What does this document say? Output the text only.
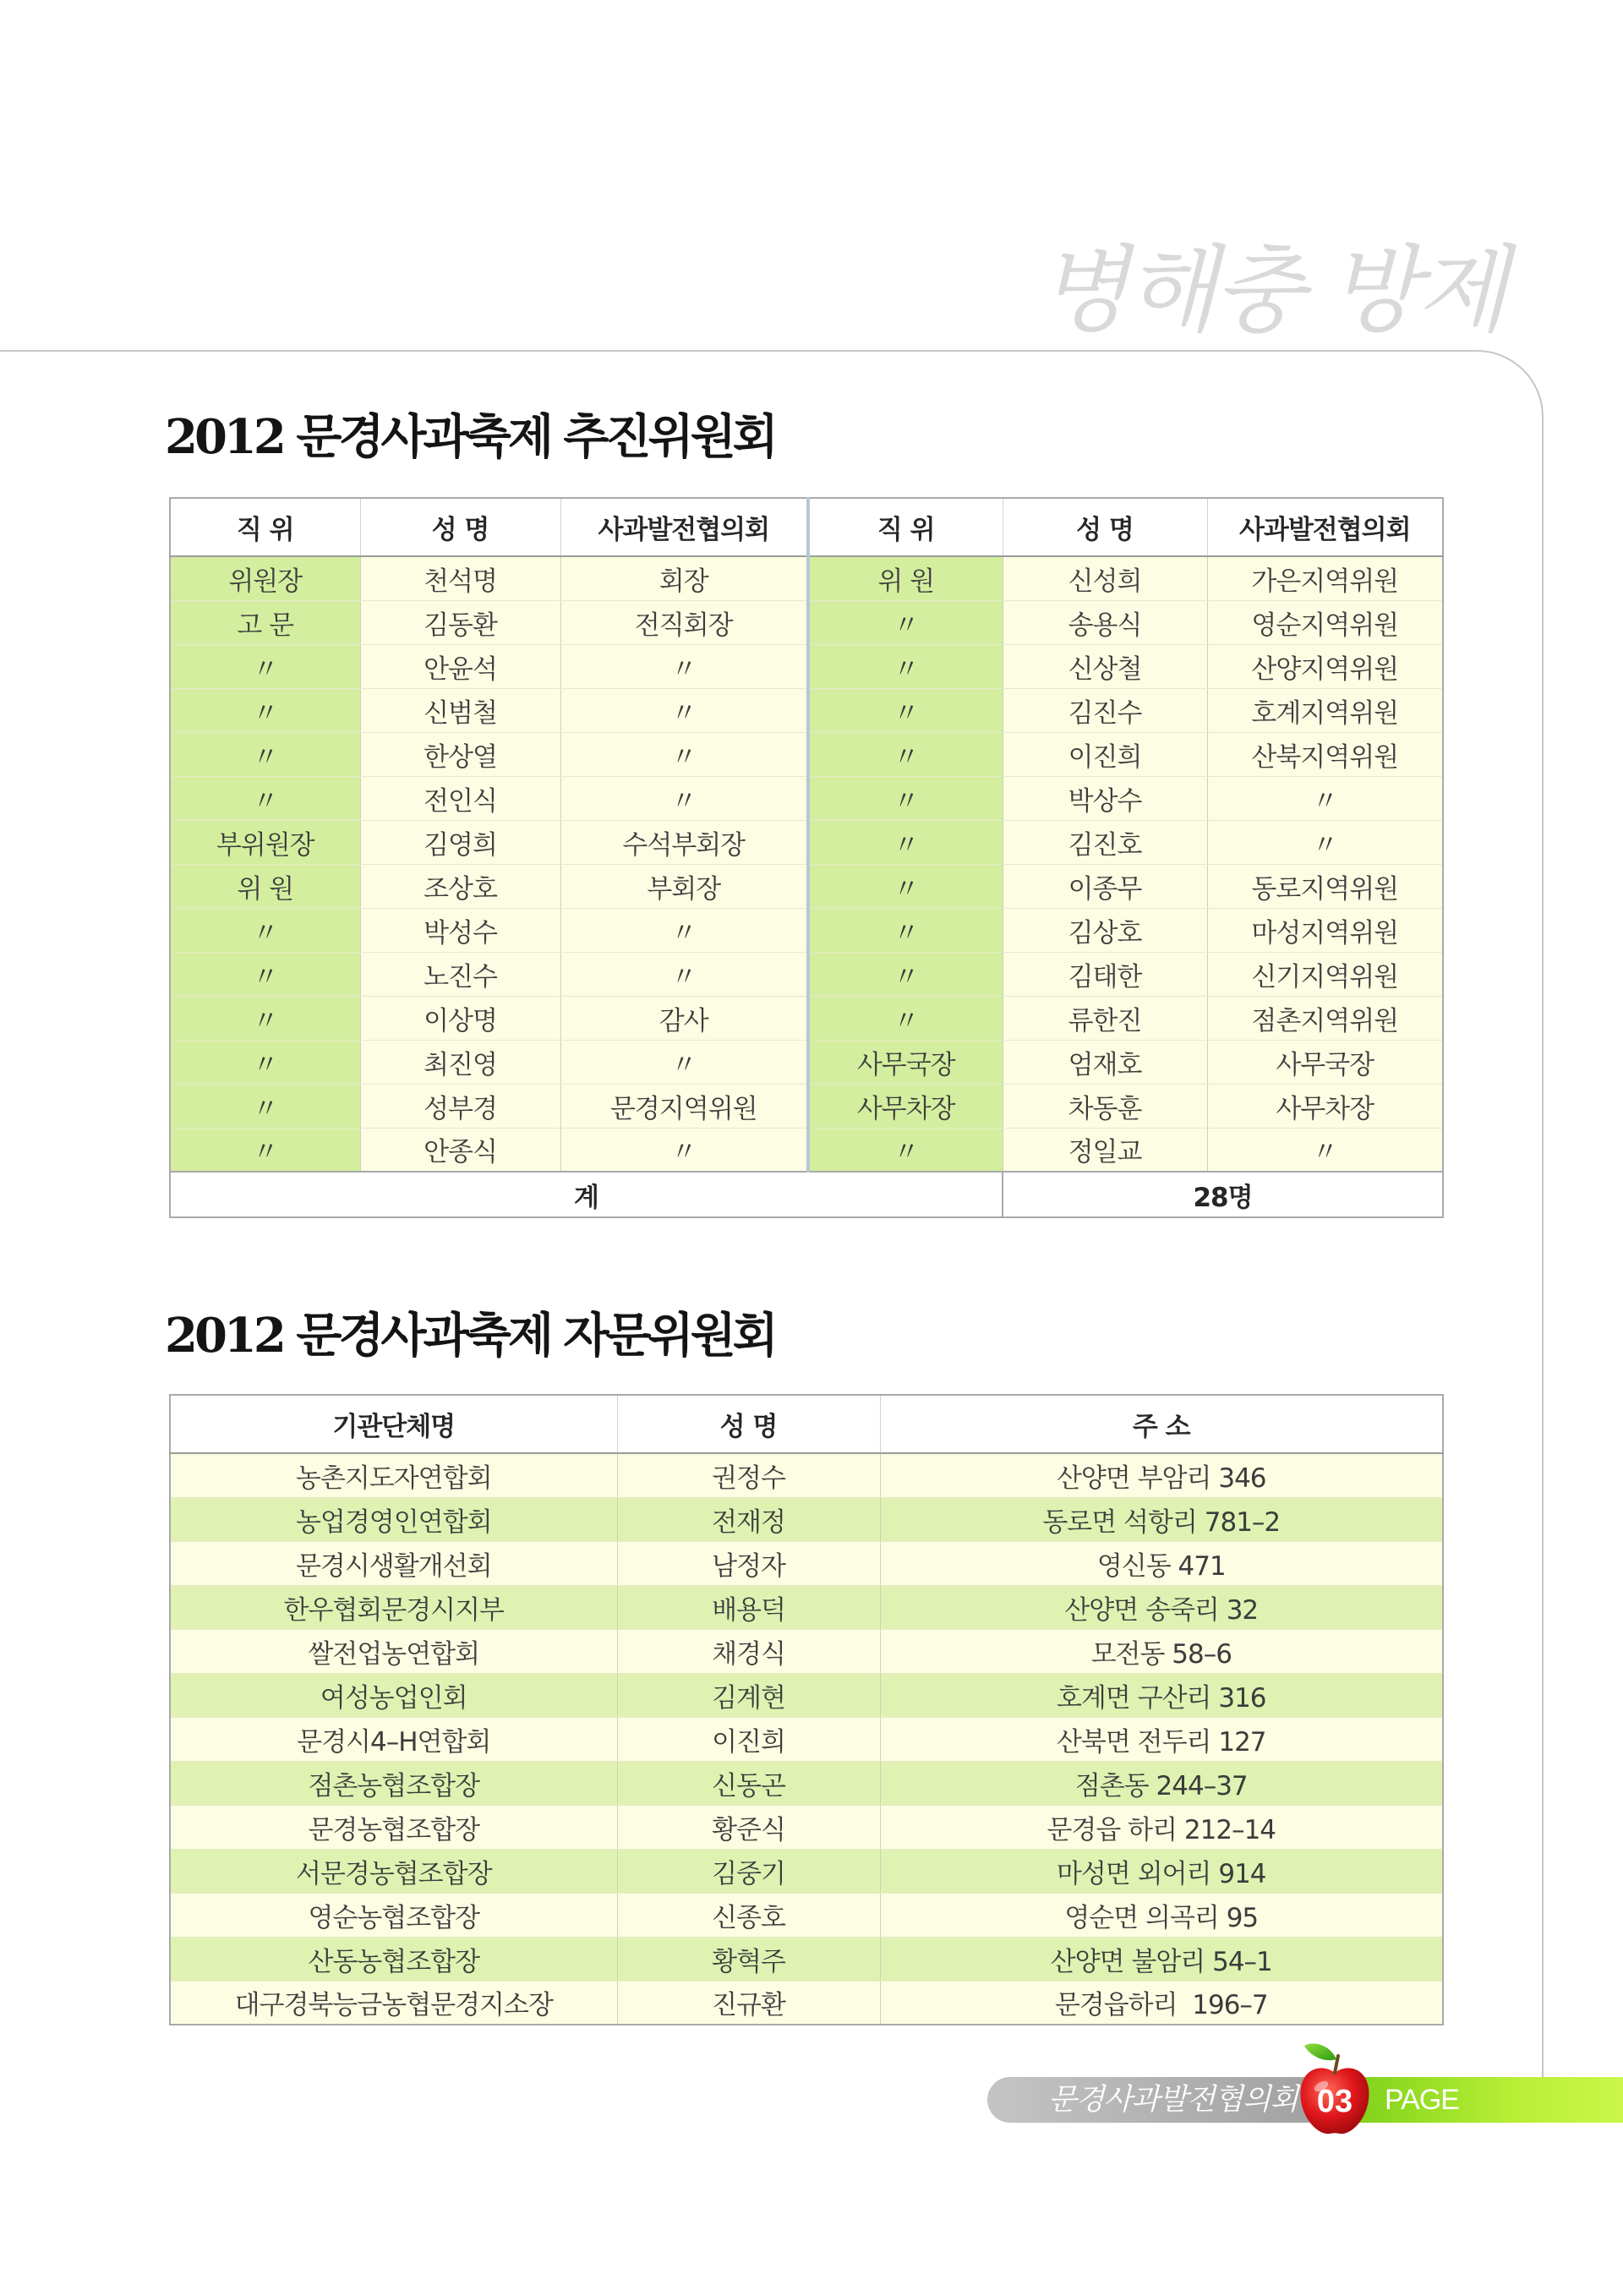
병해충 방제
2012 문경사과축제 추진위원회
직 위	성 명	사과발전협의회	직 위	성 명	사과발전협의회
위원장	천석명	회장	위 원	신성희	가은지역위원
고 문	김동환	전직회장	〃	송용식	영순지역위원
〃	안윤석	〃	〃	신상철	산양지역위원
〃	신범철	〃	〃	김진수	호계지역위원
〃	한상열	〃	〃	이진희	산북지역위원
〃	전인식	〃	〃	박상수	〃
부위원장	김영희	수석부회장	〃	김진호	〃
위 원	조상호	부회장	〃	이종무	동로지역위원
〃	박성수	〃	〃	김상호	마성지역위원
〃	노진수	〃	〃	김태한	신기지역위원
〃	이상명	감사	〃	류한진	점촌지역위원
〃	최진영	〃	사무국장	엄재호	사무국장
〃	성부경	문경지역위원	사무차장	차동훈	사무차장
〃	안종식	〃	〃	정일교	〃
계				28명	
2012 문경사과축제 자문위원회
기관단체명	성 명	주 소
농촌지도자연합회	권정수	산양면 부암리 346
농업경영인연합회	전재정	동로면 석항리 781–2
문경시생활개선회	남정자	영신동 471
한우협회문경시지부	배용덕	산양면 송죽리 32
쌀전업농연합회	채경식	모전동 58–6
여성농업인회	김계현	호계면 구산리 316
문경시4–H연합회	이진희	산북면 전두리 127
점촌농협조합장	신동곤	점촌동 244–37
문경농협조합장	황준식	문경읍 하리 212–14
서문경농협조합장	김중기	마성면 외어리 914
영순농협조합장	신종호	영순면 의곡리 95
산동농협조합장	황혁주	산양면 불암리 54–1
대구경북능금농협문경지소장	진규환	문경읍하리  196–7
문경사과발전협의회	PAGE
03
